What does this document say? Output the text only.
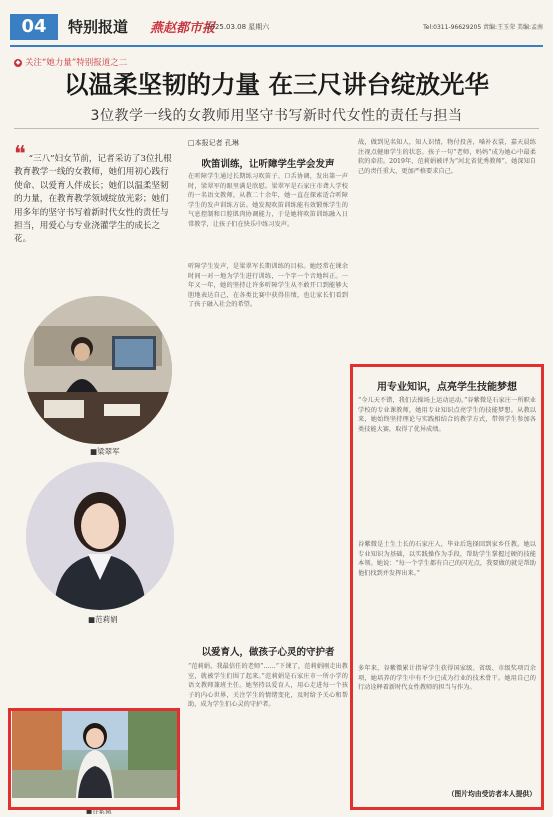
04	特别报道 燕赵都市报
2025.03.08 星期六	Tel:0311-96629205 责编:王玉荣 美编:孟南
◆ 关注“她力量”特别报道之二
以温柔坚韧的力量 在三尺讲台绽放光华
3位教学一线的女教师用坚守书写新时代女性的责任与担当
❝ “三八”妇女节前，记者采访了3位扎根教育教学一线的女教师，她们用初心践行使命、以爱育人伴成长；她们以温柔坚韧的力量，在教育教学领域绽放光彩；她们用多年的坚守书写着新时代女性的责任与担当，用爱心与专业浇灌学生的成长之花。
■梁翠军
■范莉娟
■谷紫微
□本报记者 孔琳
吹笛训练，让听障学生学会发声
在听障学生通过长期练习吹笛子、口舌协调，发出第一声时，梁翠军的眼里满是欣慰。梁翠军是石家庄市聋人学校的一名语文教师，从教二十余年，她一直在探索适合听障学生的发声训练方法。她发现吹笛训练能有效锻炼学生的气息控制和口腔肌肉协调能力，于是她将吹笛训练融入日常教学，让孩子们在快乐中练习发声。
听障学生发声，是梁翠军长期训练的目标。她经常在课余时间一对一地为学生进行训练，一个字一个音地纠正。一年又一年，她的坚持让许多听障学生从不敢开口到能够大胆地表达自己，在各类比赛中获得佳绩，也让家长们看到了孩子融入社会的希望。
以爱育人，做孩子心灵的守护者
“范莉娟，我最信任的老师”……“下课了，范莉娟刚走出教室，就被学生们围了起来。”范莉娟是石家庄市一所小学的语文教师兼班主任。她坚持以爱育人，用心走进每一个孩子的内心世界，关注学生的情绪变化，及时给予关心和帮助，成为学生们心灵的守护者。
战，做到见名知人，知人识情，物付投善，嗓补衣裳，嘉天晨练注视点健康学生的状态。孩子一句“老师，妈妈”成为她心中最柔软的牵挂。2019年，范莉娟被评为“河北省优秀教师”，她深知自己的责任重大，更加严格要求自己。
用专业知识，点亮学生技能梦想
“今儿天不错，我们去操场上运动运动。”谷紫微是石家庄一所职业学校的专业课教师，她用专业知识点亮学生的技能梦想。从教以来，她始终坚持理论与实践相结合的教学方式，带领学生参加各类技能大赛，取得了优异成绩。
谷紫微是土生土长的石家庄人，毕业后选择回到家乡任教。她以专业知识为基础，以实践操作为手段，帮助学生掌握过硬的技能本领。她说：“每一个学生都有自己的闪光点，我要做的就是帮助他们找到并发挥出来。”
多年来，谷紫微累计指导学生获得国家级、省级、市级奖项百余项，她培养的学生中有不少已成为行业的技术骨干。她用自己的行动诠释着新时代女性教师的担当与作为。
（图片均由受访者本人提供）
